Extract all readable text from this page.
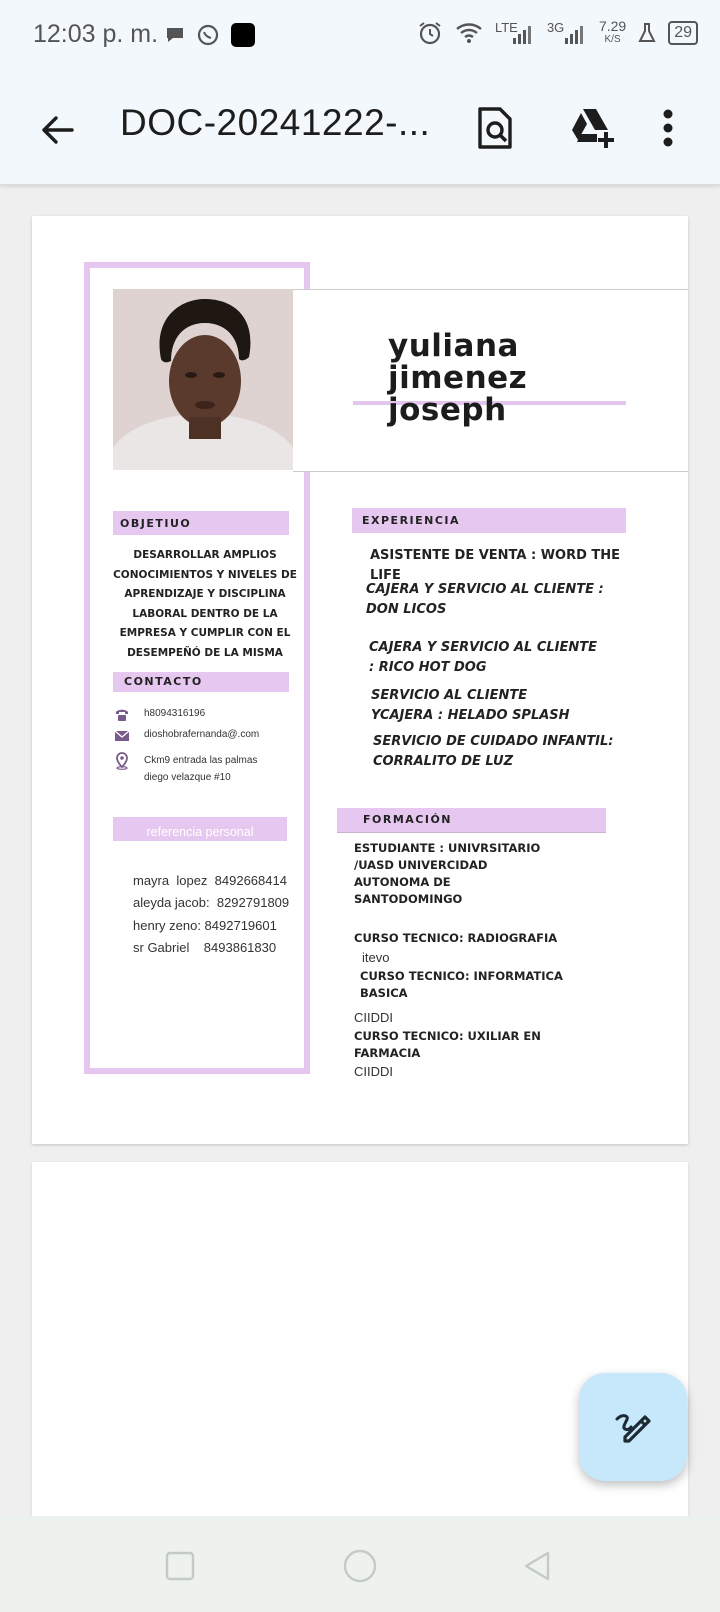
12:03 p. m.	LTE 3G 7.29
K/S	29
DOC-20241222-...
yuliana
jimenez
joseph
OBJETIUO
DESARROLLAR AMPLIOS CONOCIMIENTOS Y NIVELES DE APRENDIZAJE Y DISCIPLINA LABORAL DENTRO DE LA EMPRESA Y CUMPLIR CON EL DESEMPEÑÓ DE LA MISMA
CONTACTO
h8094316196
dioshobrafernanda@.com
Ckm9 entrada las palmas
diego velazque #10
referencia personal
mayra  lopez  8492668414
aleyda jacob:  8292791809
henry zeno: 8492719601
sr Gabriel    8493861830
EXPERIENCIA
ASISTENTE DE VENTA : WORD THE LIFE
CAJERA Y SERVICIO AL CLIENTE : DON LICOS
CAJERA Y SERVICIO AL CLIENTE : RICO HOT DOG
SERVICIO AL CLIENTE YCAJERA : HELADO SPLASH
SERVICIO DE CUIDADO INFANTIL: CORRALITO DE LUZ
FORMACIÓN
ESTUDIANTE : UNIVRSITARIO
/UASD UNIVERCIDAD
AUTONOMA DE
SANTODOMINGO
CURSO TECNICO: RADIOGRAFIA
itevo
CURSO TECNICO: INFORMATICA
BASICA
CIIDDI
CURSO TECNICO: UXILIAR EN
FARMACIA
CIIDDI
